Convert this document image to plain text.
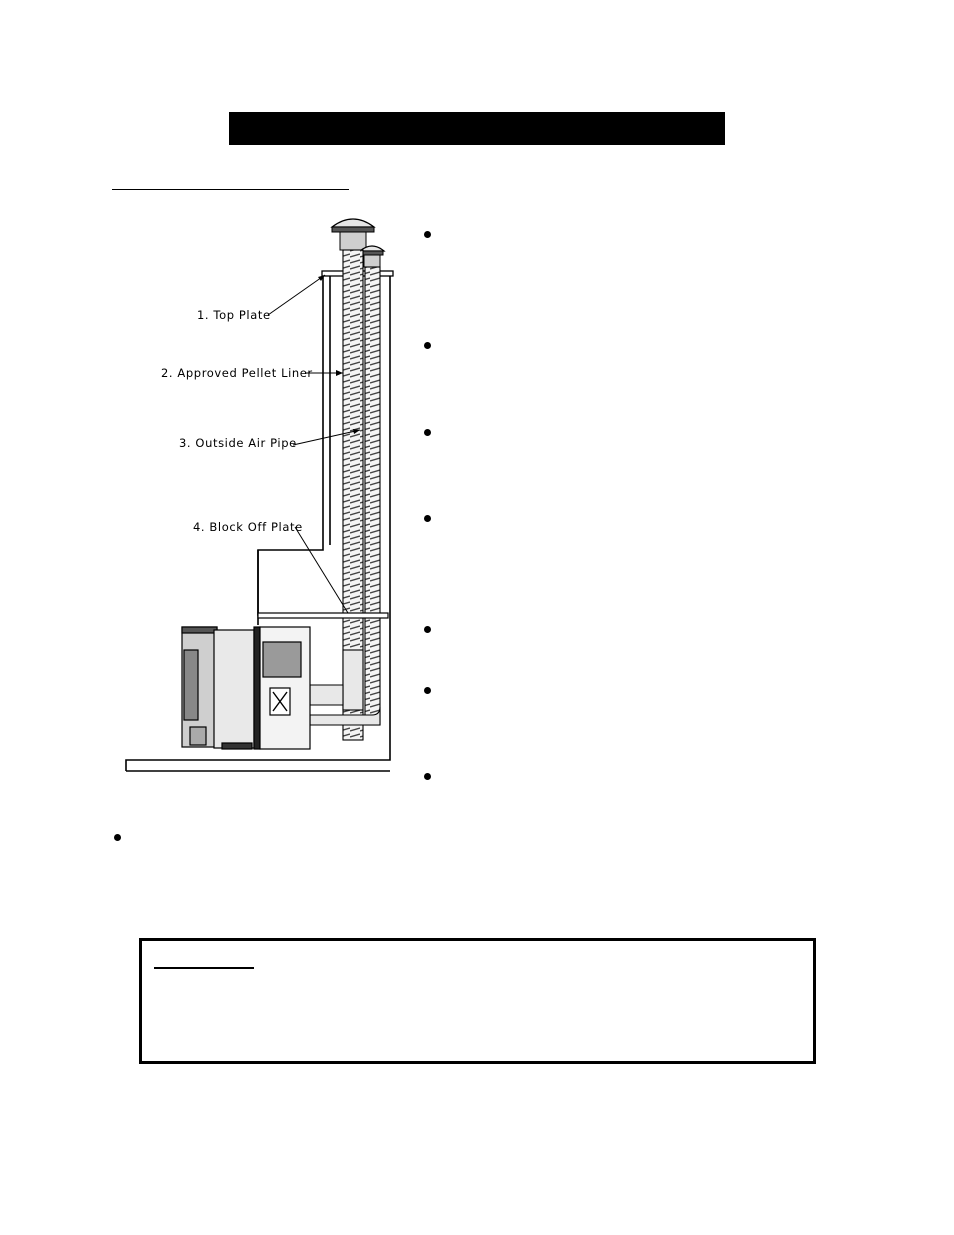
1. Top Plate
2. Approved Pellet Liner
3. Outside Air Pipe
4. Block Off Plate
